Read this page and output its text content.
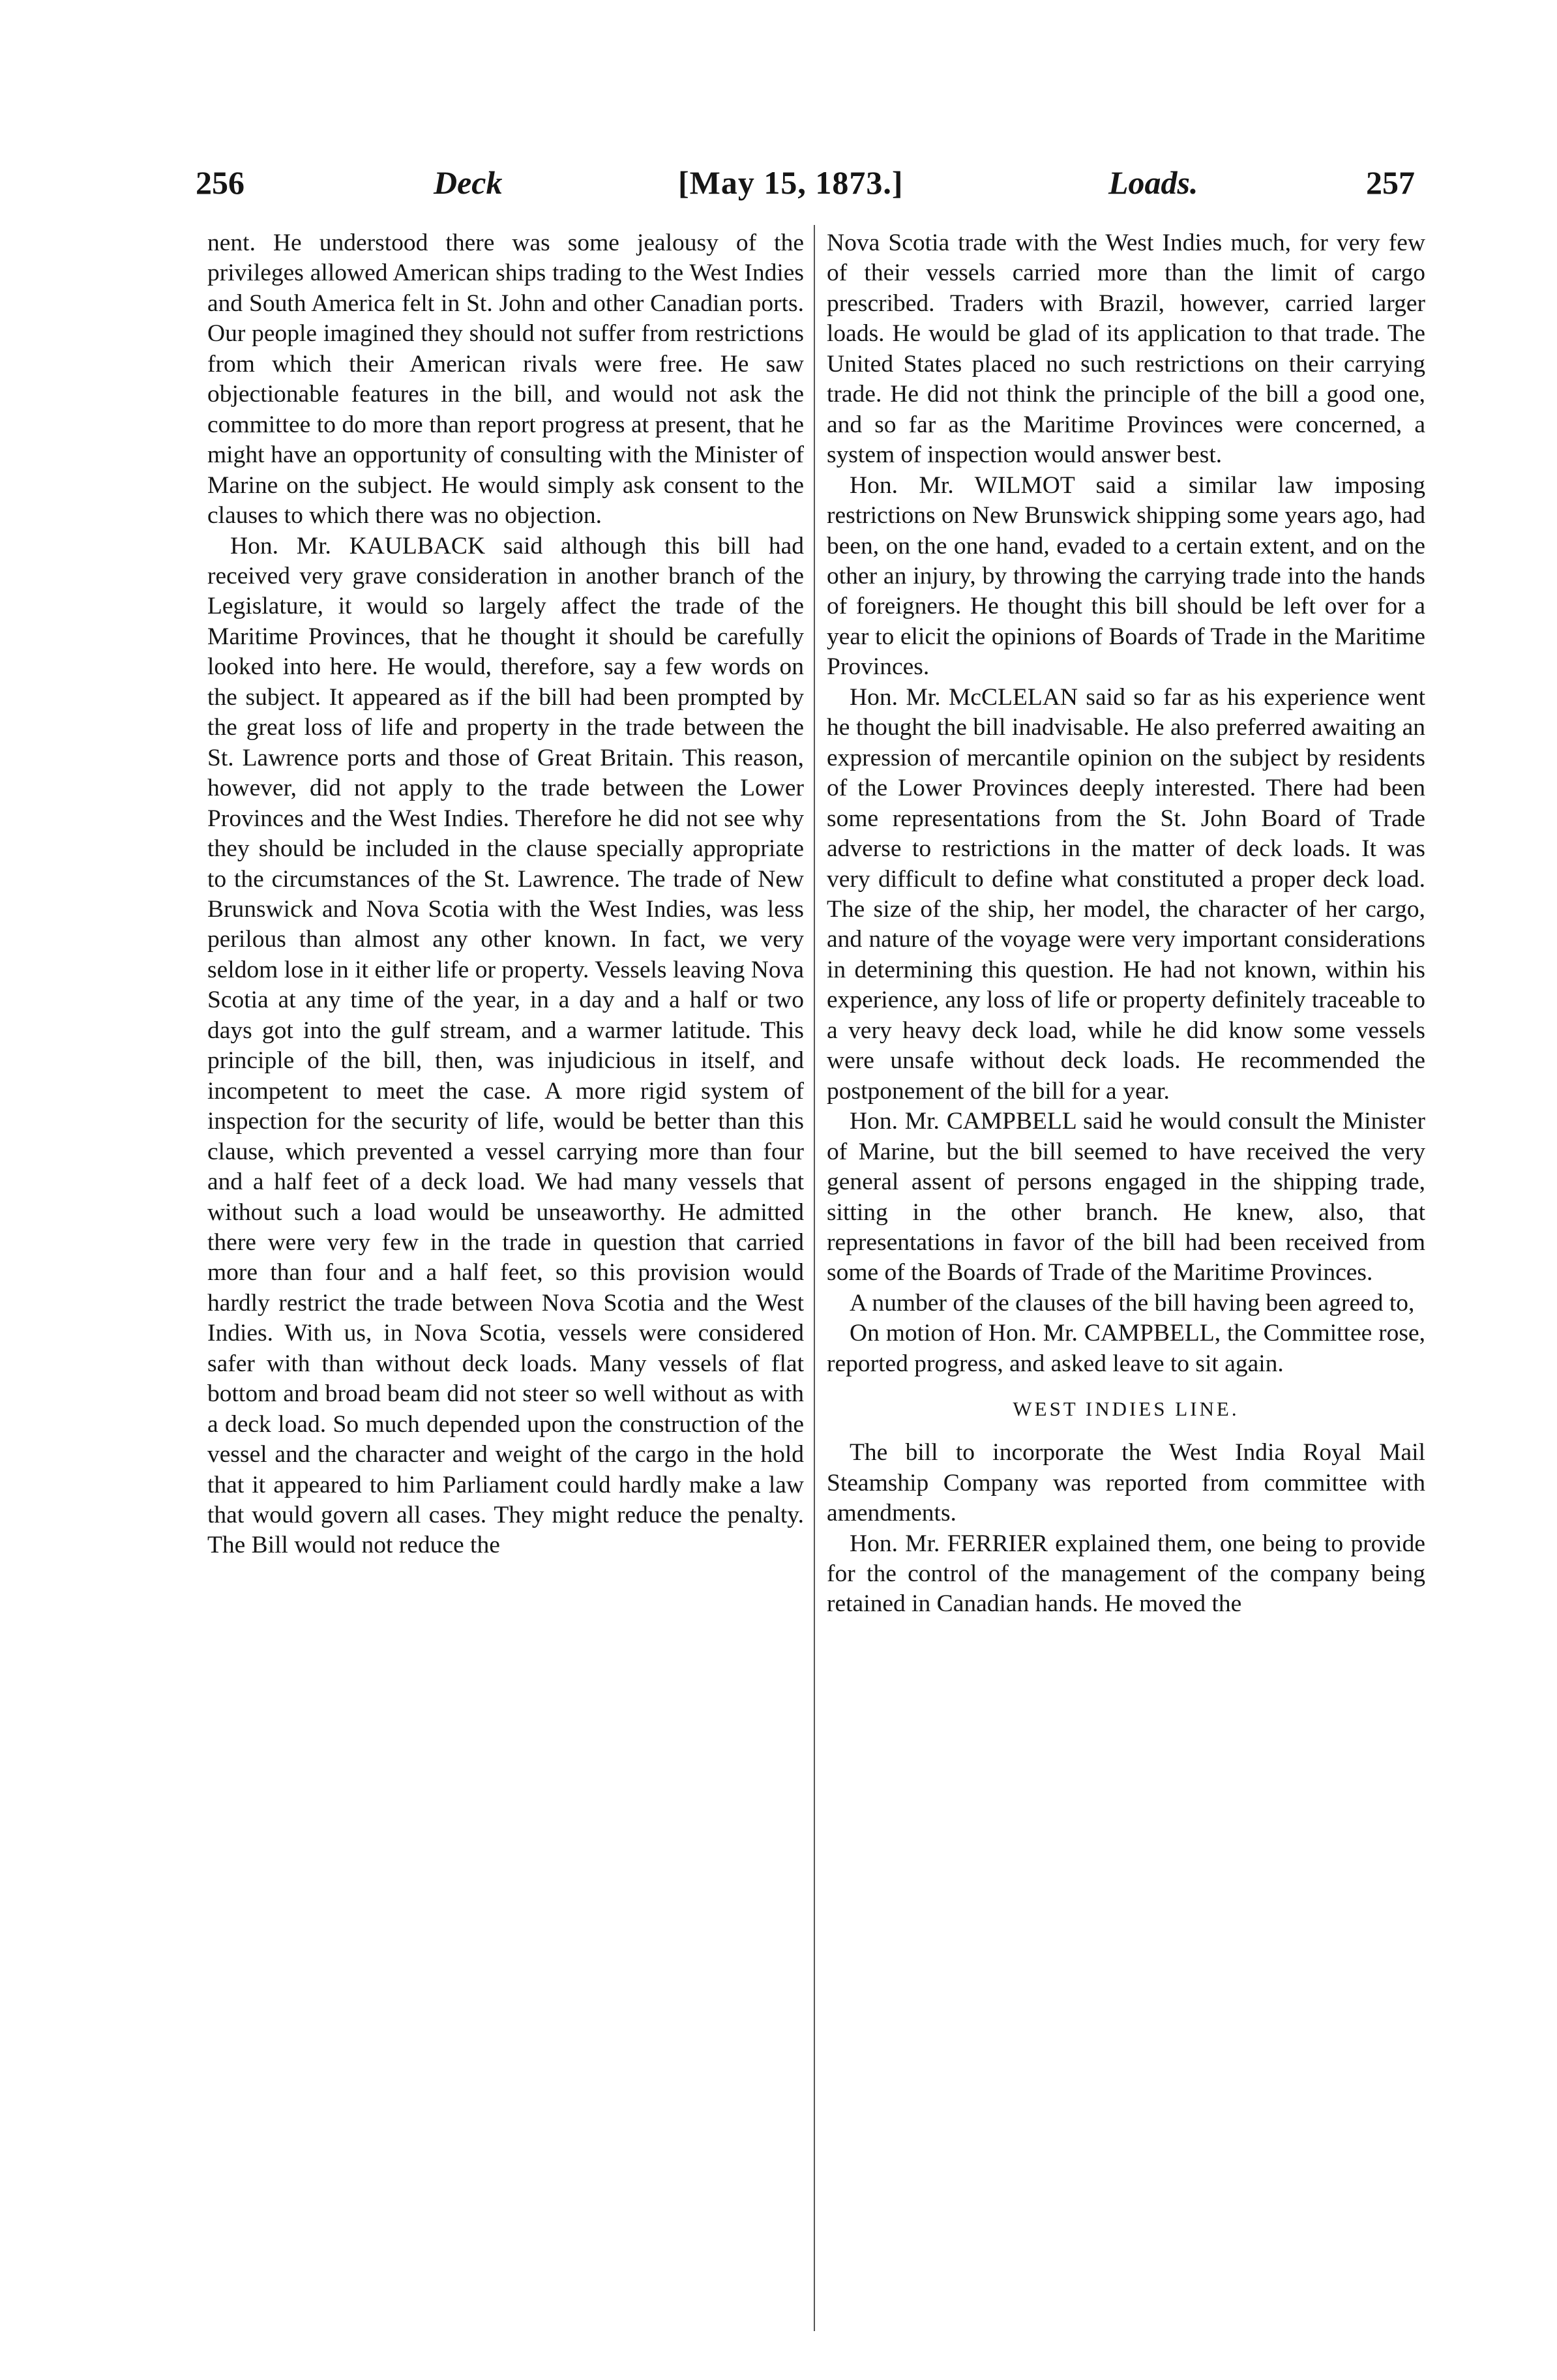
256	Deck	[May 15, 1873.]	Loads.	257

nent. He understood there was some jealousy of the privileges allowed American ships trading to the West Indies and South America felt in St. John and other Canadian ports. Our people imagined they should not suffer from restrictions from which their American rivals were free. He saw objectionable features in the bill, and would not ask the committee to do more than report progress at present, that he might have an opportunity of consulting with the Minister of Marine on the subject. He would simply ask consent to the clauses to which there was no objection.

Hon. Mr. KAULBACK said although this bill had received very grave consideration in another branch of the Legislature, it would so largely affect the trade of the Maritime Provinces, that he thought it should be carefully looked into here. He would, therefore, say a few words on the subject. It appeared as if the bill had been prompted by the great loss of life and property in the trade between the St. Lawrence ports and those of Great Britain. This reason, however, did not apply to the trade between the Lower Provinces and the West Indies. Therefore he did not see why they should be included in the clause specially appropriate to the circumstances of the St. Lawrence. The trade of New Brunswick and Nova Scotia with the West Indies, was less perilous than almost any other known. In fact, we very seldom lose in it either life or property. Vessels leaving Nova Scotia at any time of the year, in a day and a half or two days got into the gulf stream, and a warmer latitude. This principle of the bill, then, was injudicious in itself, and incompetent to meet the case. A more rigid system of inspection for the security of life, would be better than this clause, which prevented a vessel carrying more than four and a half feet of a deck load. We had many vessels that without such a load would be unseaworthy. He admitted there were very few in the trade in question that carried more than four and a half feet, so this provision would hardly restrict the trade between Nova Scotia and the West Indies. With us, in Nova Scotia, vessels were considered safer with than without deck loads. Many vessels of flat bottom and broad beam did not steer so well without as with a deck load. So much depended upon the construction of the vessel and the character and weight of the cargo in the hold that it appeared to him Parliament could hardly make a law that would govern all cases. They might reduce the penalty. The Bill would not reduce the

Nova Scotia trade with the West Indies much, for very few of their vessels carried more than the limit of cargo prescribed. Traders with Brazil, however, carried larger loads. He would be glad of its application to that trade. The United States placed no such restrictions on their carrying trade. He did not think the principle of the bill a good one, and so far as the Maritime Provinces were concerned, a system of inspection would answer best.

Hon. Mr. WILMOT said a similar law imposing restrictions on New Brunswick shipping some years ago, had been, on the one hand, evaded to a certain extent, and on the other an injury, by throwing the carrying trade into the hands of foreigners. He thought this bill should be left over for a year to elicit the opinions of Boards of Trade in the Maritime Provinces.

Hon. Mr. McCLELAN said so far as his experience went he thought the bill inadvisable. He also preferred awaiting an expression of mercantile opinion on the subject by residents of the Lower Provinces deeply interested. There had been some representations from the St. John Board of Trade adverse to restrictions in the matter of deck loads. It was very difficult to define what constituted a proper deck load. The size of the ship, her model, the character of her cargo, and nature of the voyage were very important considerations in determining this question. He had not known, within his experience, any loss of life or property definitely traceable to a very heavy deck load, while he did know some vessels were unsafe without deck loads. He recommended the postponement of the bill for a year.

Hon. Mr. CAMPBELL said he would consult the Minister of Marine, but the bill seemed to have received the very general assent of persons engaged in the shipping trade, sitting in the other branch. He knew, also, that representations in favor of the bill had been received from some of the Boards of Trade of the Maritime Provinces.

A number of the clauses of the bill having been agreed to,

On motion of Hon. Mr. CAMPBELL, the Committee rose, reported progress, and asked leave to sit again.

WEST INDIES LINE.

The bill to incorporate the West India Royal Mail Steamship Company was reported from committee with amendments.

Hon. Mr. FERRIER explained them, one being to provide for the control of the management of the company being retained in Canadian hands. He moved the
